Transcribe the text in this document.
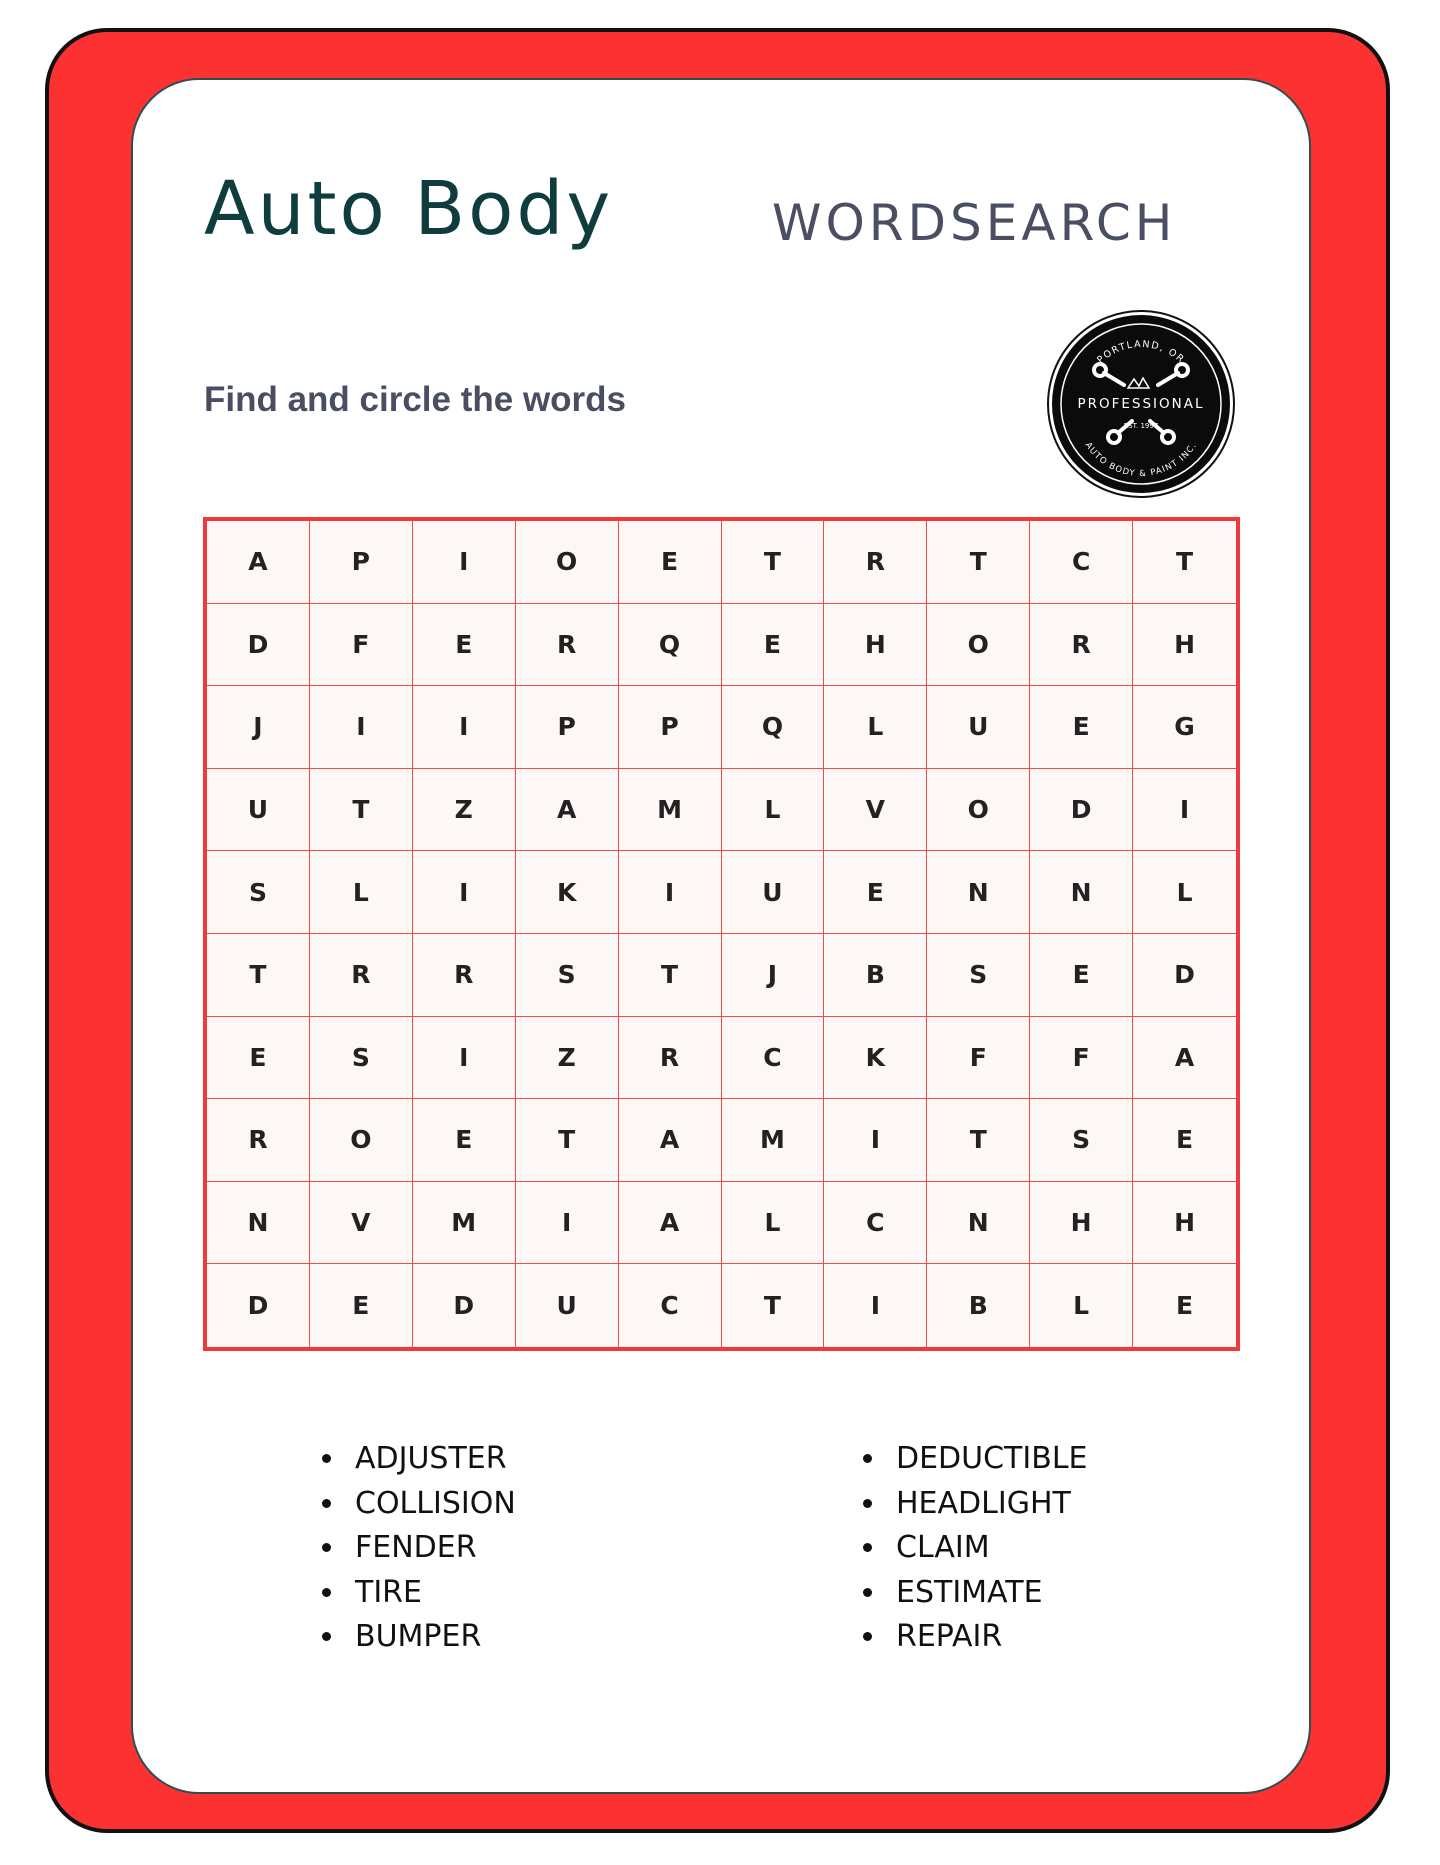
Auto Body	WORDSEARCH
Find and circle the words
PORTLAND, OR
AUTO BODY & PAINT INC.
PROFESSIONAL
EST. 1997
A	P	I	O	E	T	R	T	C	T
D	F	E	R	Q	E	H	O	R	H
J	I	I	P	P	Q	L	U	E	G
U	T	Z	A	M	L	V	O	D	I
S	L	I	K	I	U	E	N	N	L
T	R	R	S	T	J	B	S	E	D
E	S	I	Z	R	C	K	F	F	A
R	O	E	T	A	M	I	T	S	E
N	V	M	I	A	L	C	N	H	H
D	E	D	U	C	T	I	B	L	E
• ADJUSTER
• COLLISION
• FENDER
• TIRE
• BUMPER
• DEDUCTIBLE
• HEADLIGHT
• CLAIM
• ESTIMATE
• REPAIR
